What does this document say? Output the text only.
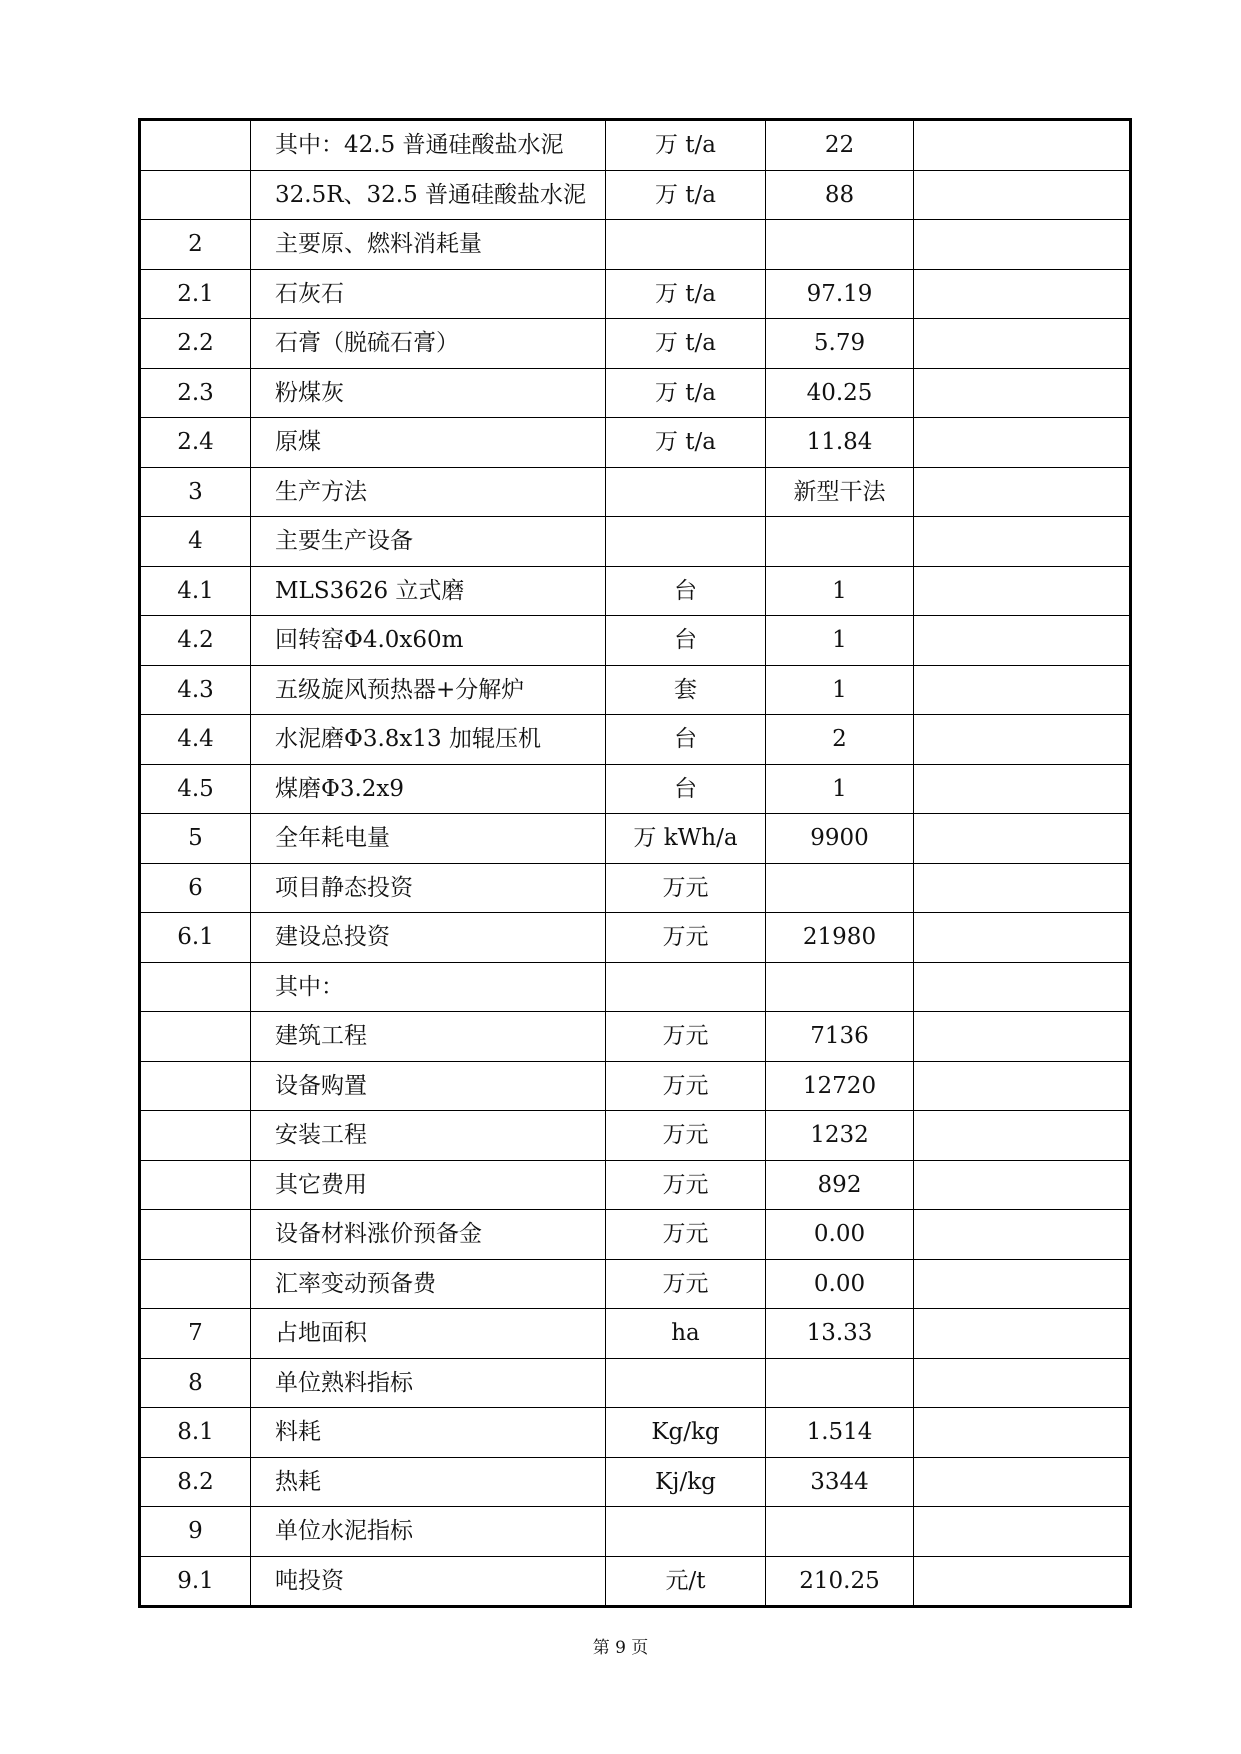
	其中：42.5 普通硅酸盐水泥	万 t/a	22	
	32.5R、32.5 普通硅酸盐水泥	万 t/a	88	
2	主要原、燃料消耗量			
2.1	石灰石	万 t/a	97.19	
2.2	石膏（脱硫石膏）	万 t/a	5.79	
2.3	粉煤灰	万 t/a	40.25	
2.4	原煤	万 t/a	11.84	
3	生产方法		新型干法	
4	主要生产设备			
4.1	MLS3626 立式磨	台	1	
4.2	回转窑Φ4.0x60m	台	1	
4.3	五级旋风预热器+分解炉	套	1	
4.4	水泥磨Φ3.8x13 加辊压机	台	2	
4.5	煤磨Φ3.2x9	台	1	
5	全年耗电量	万 kWh/a	9900	
6	项目静态投资	万元		
6.1	建设总投资	万元	21980	
	其中：			
	建筑工程	万元	7136	
	设备购置	万元	12720	
	安装工程	万元	1232	
	其它费用	万元	892	
	设备材料涨价预备金	万元	0.00	
	汇率变动预备费	万元	0.00	
7	占地面积	ha	13.33	
8	单位熟料指标			
8.1	料耗	Kg/kg	1.514	
8.2	热耗	Kj/kg	3344	
9	单位水泥指标			
9.1	吨投资	元/t	210.25	
第 9 页
